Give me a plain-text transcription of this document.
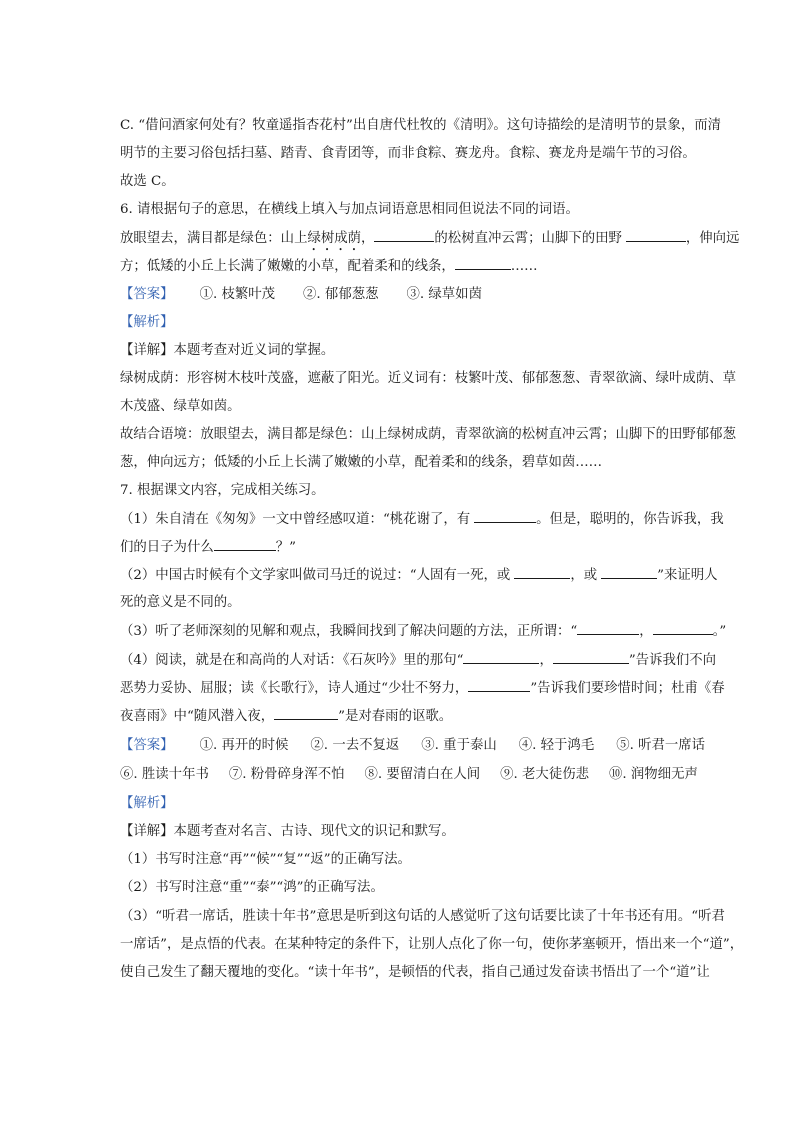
C. “借问酒家何处有？牧童遥指杏花村”出自唐代杜牧的《清明》。这句诗描绘的是清明节的景象，而清
明节的主要习俗包括扫墓、踏青、食青团等，而非食粽、赛龙舟。食粽、赛龙舟是端午节的习俗。
故选 C。
6. 请根据句子的意思，在横线上填入与加点词语意思相同但说法不同的词语。
放眼望去，满目都是绿色：山上绿树成荫，	的松树直冲云霄；山脚下的田野	，伸向远
方；低矮的小丘上长满了嫩嫩的小草，配着柔和的线条，	……
【答案】 ①. 枝繁叶茂 ②. 郁郁葱葱 ③. 绿草如茵
【解析】
【详解】本题考查对近义词的掌握。
绿树成荫：形容树木枝叶茂盛，遮蔽了阳光。近义词有：枝繁叶茂、郁郁葱葱、青翠欲滴、绿叶成荫、草
木茂盛、绿草如茵。
故结合语境：放眼望去，满目都是绿色：山上绿树成荫，青翠欲滴的松树直冲云霄；山脚下的田野郁郁葱
葱，伸向远方；低矮的小丘上长满了嫩嫩的小草，配着柔和的线条，碧草如茵……
7. 根据课文内容，完成相关练习。
（1）朱自清在《匆匆》一文中曾经感叹道：“桃花谢了，有	。但是，聪明的，你告诉我，我
们的日子为什么	？”
（2）中国古时候有个文学家叫做司马迁的说过：“人固有一死，或	，或	”来证明人
死的意义是不同的。
（3）听了老师深刻的见解和观点，我瞬间找到了解决问题的方法，正所谓：“	，	。”
（4）阅读，就是在和高尚的人对话：《石灰吟》里的那句“	，	”告诉我们不向
恶势力妥协、屈服；读《长歌行》，诗人通过“少壮不努力，	”告诉我们要珍惜时间；杜甫《春
夜喜雨》中“随风潜入夜，	”是对春雨的讴歌。
【答案】 ①. 再开的时候 ②. 一去不复返 ③. 重于泰山 ④. 轻于鸿毛 ⑤. 听君一席话
⑥. 胜读十年书 ⑦. 粉骨碎身浑不怕 ⑧. 要留清白在人间 ⑨. 老大徒伤悲 ⑩. 润物细无声
【解析】
【详解】本题考查对名言、古诗、现代文的识记和默写。
（1）书写时注意“再”“候”“复”“返”的正确写法。
（2）书写时注意“重”“泰”“鸿”的正确写法。
（3）“听君一席话，胜读十年书”意思是听到这句话的人感觉听了这句话要比读了十年书还有用。“听君
一席话”，是点悟的代表。在某种特定的条件下，让别人点化了你一句，使你茅塞顿开，悟出来一个“道”，
使自己发生了翻天覆地的变化。“读十年书”，是顿悟的代表，指自己通过发奋读书悟出了一个“道”让
